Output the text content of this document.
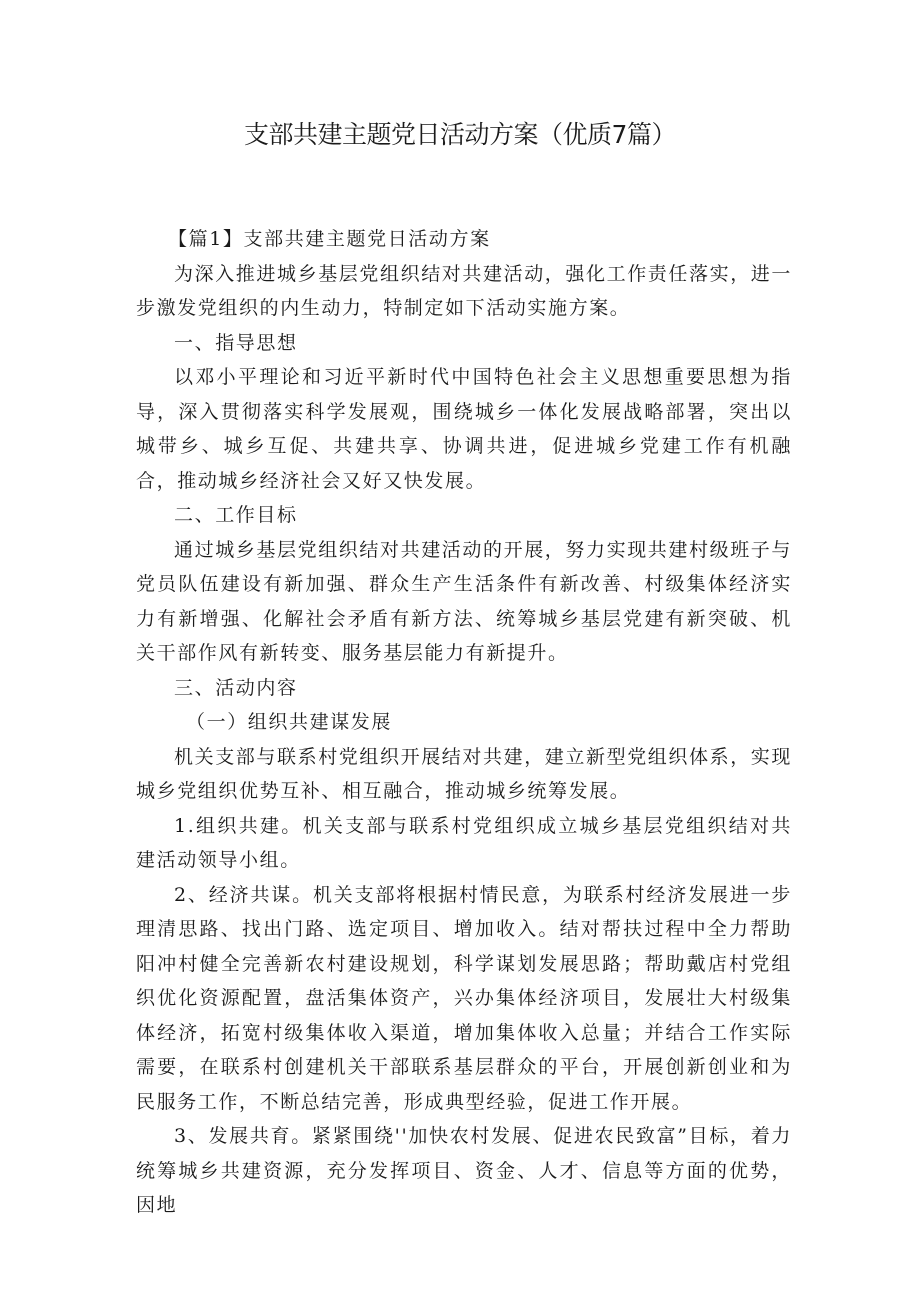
支部共建主题党日活动方案（优质7篇）

【篇1】支部共建主题党日活动方案

为深入推进城乡基层党组织结对共建活动，强化工作责任落实，进一步激发党组织的内生动力，特制定如下活动实施方案。

一、指导思想

以邓小平理论和习近平新时代中国特色社会主义思想重要思想为指导，深入贯彻落实科学发展观，围绕城乡一体化发展战略部署，突出以城带乡、城乡互促、共建共享、协调共进，促进城乡党建工作有机融合，推动城乡经济社会又好又快发展。

二、工作目标

通过城乡基层党组织结对共建活动的开展，努力实现共建村级班子与党员队伍建设有新加强、群众生产生活条件有新改善、村级集体经济实力有新增强、化解社会矛盾有新方法、统筹城乡基层党建有新突破、机关干部作风有新转变、服务基层能力有新提升。

三、活动内容

（一）组织共建谋发展

机关支部与联系村党组织开展结对共建，建立新型党组织体系，实现城乡党组织优势互补、相互融合，推动城乡统筹发展。

1.组织共建。机关支部与联系村党组织成立城乡基层党组织结对共建活动领导小组。

2、经济共谋。机关支部将根据村情民意，为联系村经济发展进一步理清思路、找出门路、选定项目、增加收入。结对帮扶过程中全力帮助阳冲村健全完善新农村建设规划，科学谋划发展思路；帮助戴店村党组织优化资源配置，盘活集体资产，兴办集体经济项目，发展壮大村级集体经济，拓宽村级集体收入渠道，增加集体收入总量；并结合工作实际需要，在联系村创建机关干部联系基层群众的平台，开展创新创业和为民服务工作，不断总结完善，形成典型经验，促进工作开展。

3、发展共育。紧紧围绕''加快农村发展、促进农民致富”目标，着力统筹城乡共建资源，充分发挥项目、资金、人才、信息等方面的优势，因地
